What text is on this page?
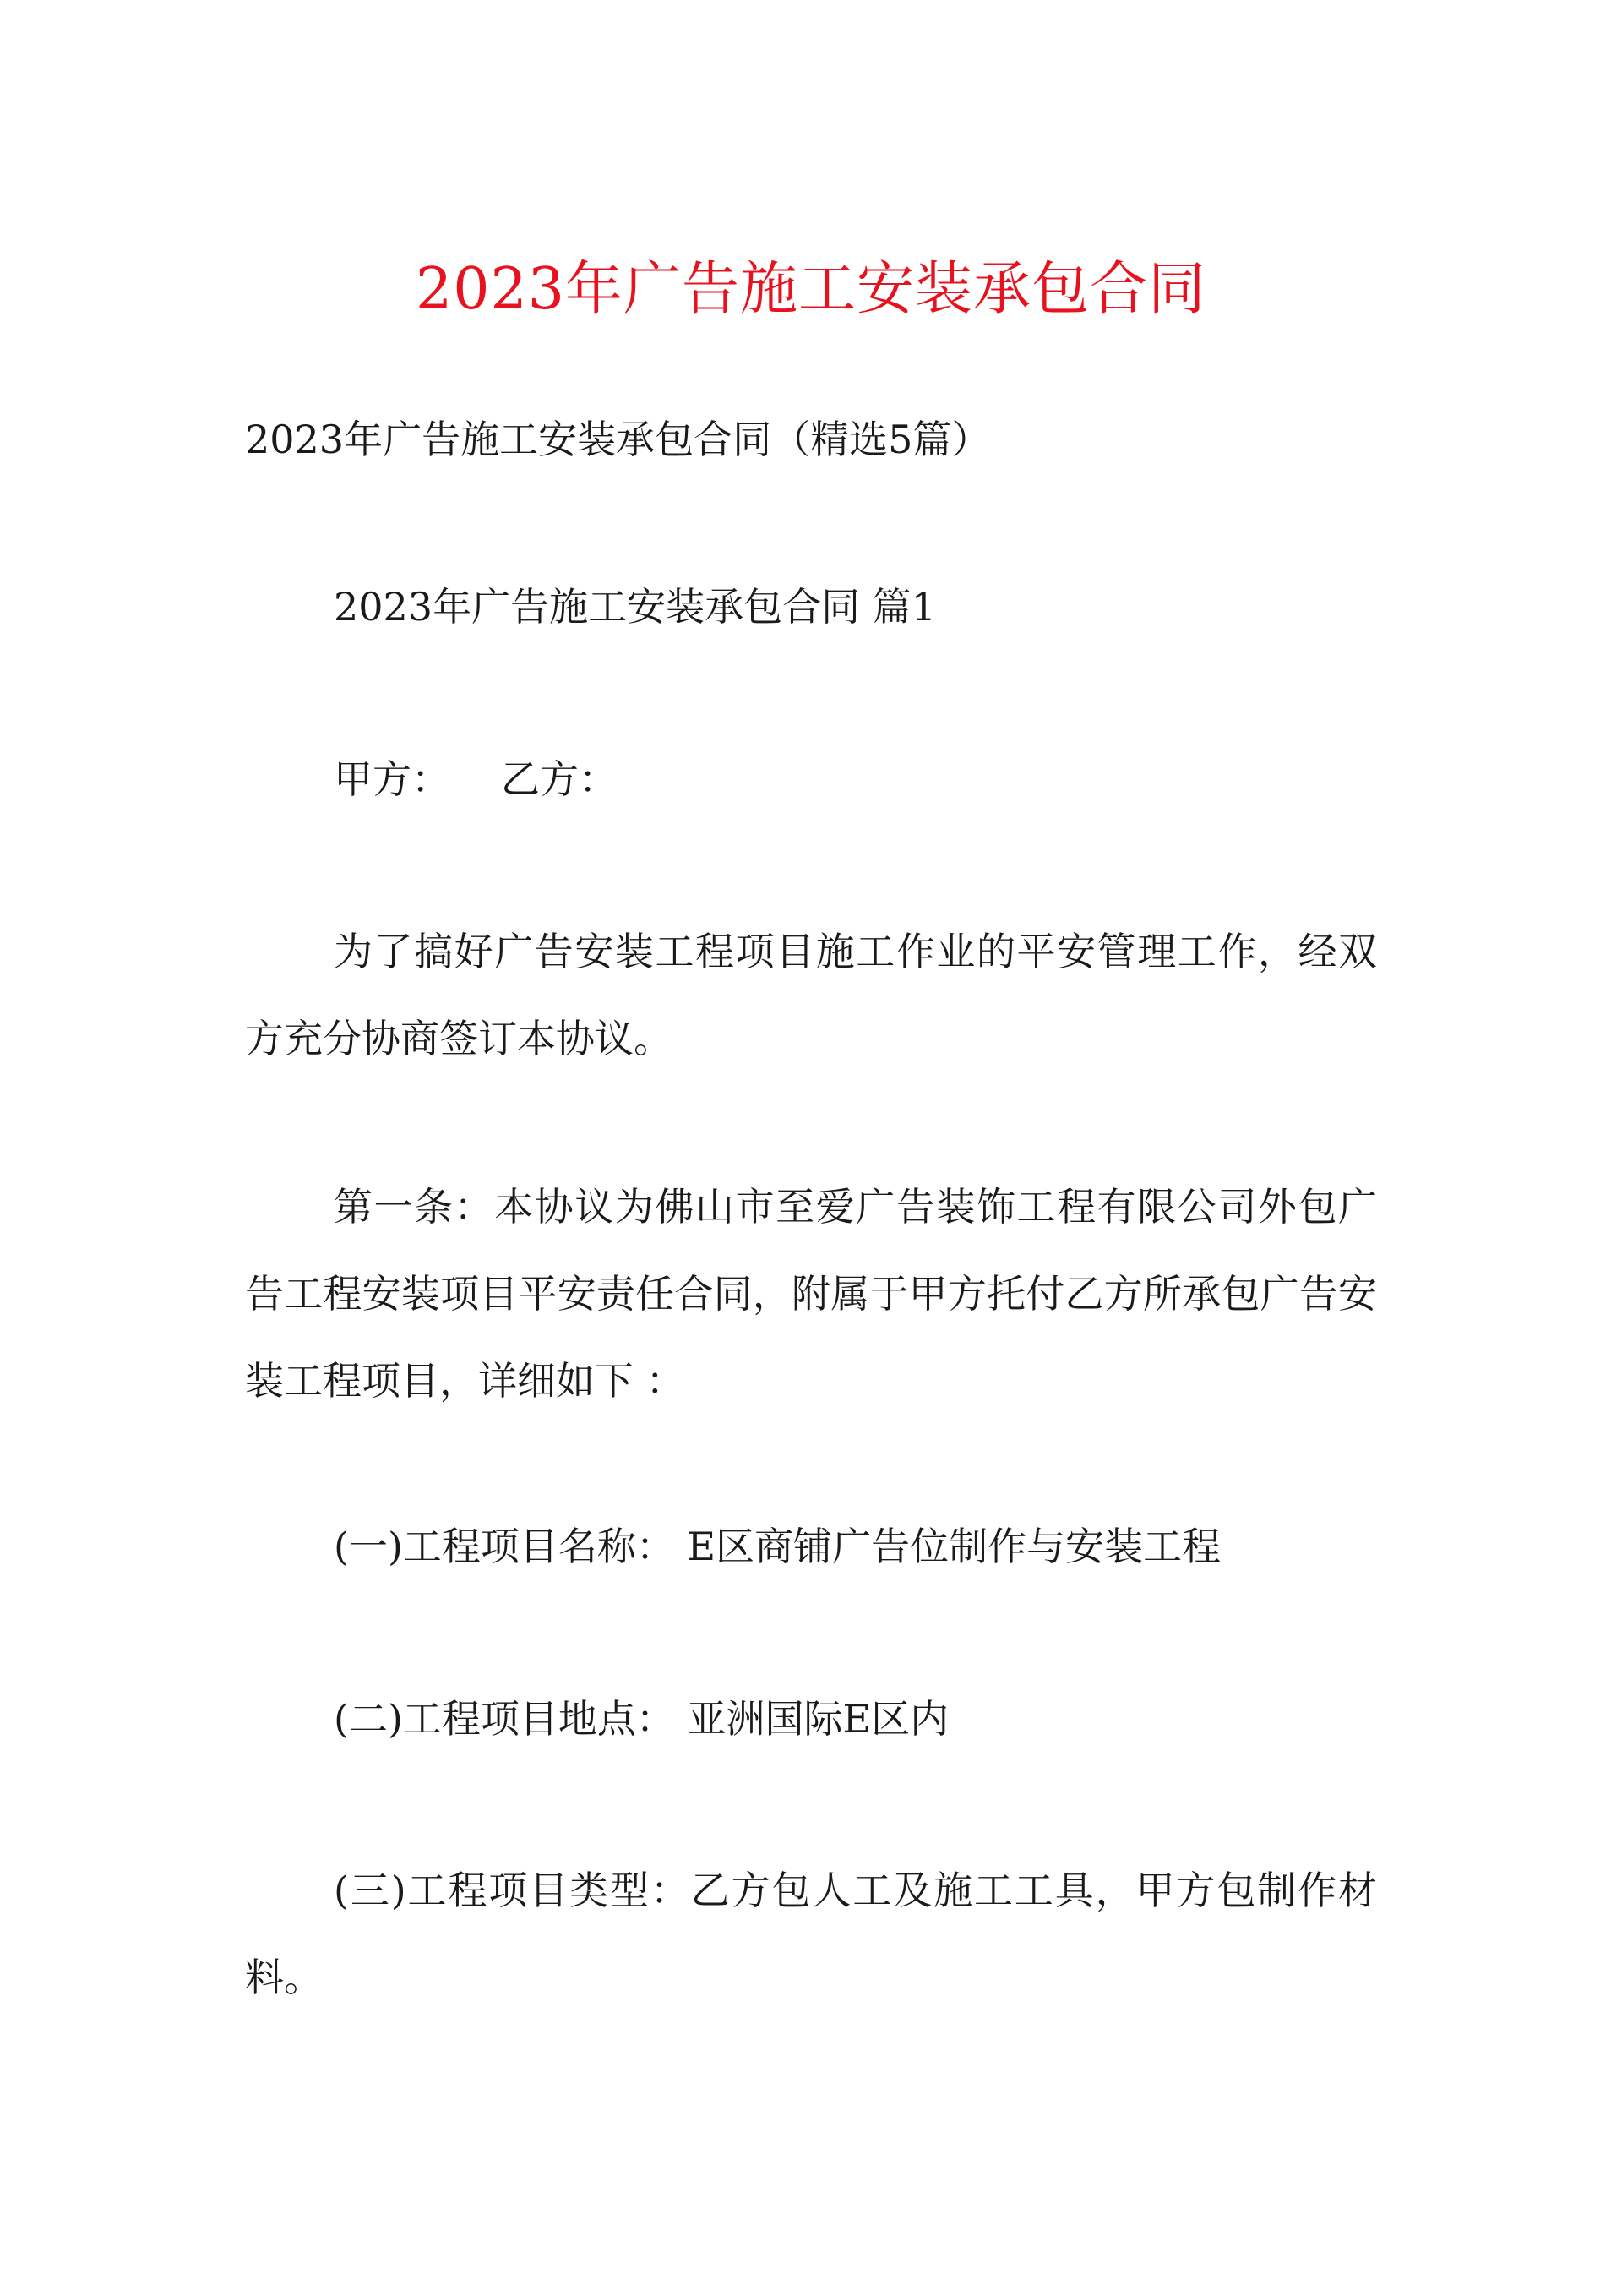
2023年广告施工安装承包合同
2023年广告施工安装承包合同（精选5篇）
2023年广告施工安装承包合同 篇1
甲方： 乙方：
为了搞好广告安装工程项目施工作业的平安管理工作，经双方充分协商签订本协议。
第一条：本协议为佛山市至爱广告装饰工程有限公司外包广告工程安装项目平安责任合同，附属于甲方托付乙方所承包广告安装工程项目，详细如下 ：
(一)工程项目名称： E区商铺广告位制作与安装工程
(二)工程项目地点： 亚洲国际E区内
(三)工程项目类型：乙方包人工及施工工具，甲方包制作材料。
